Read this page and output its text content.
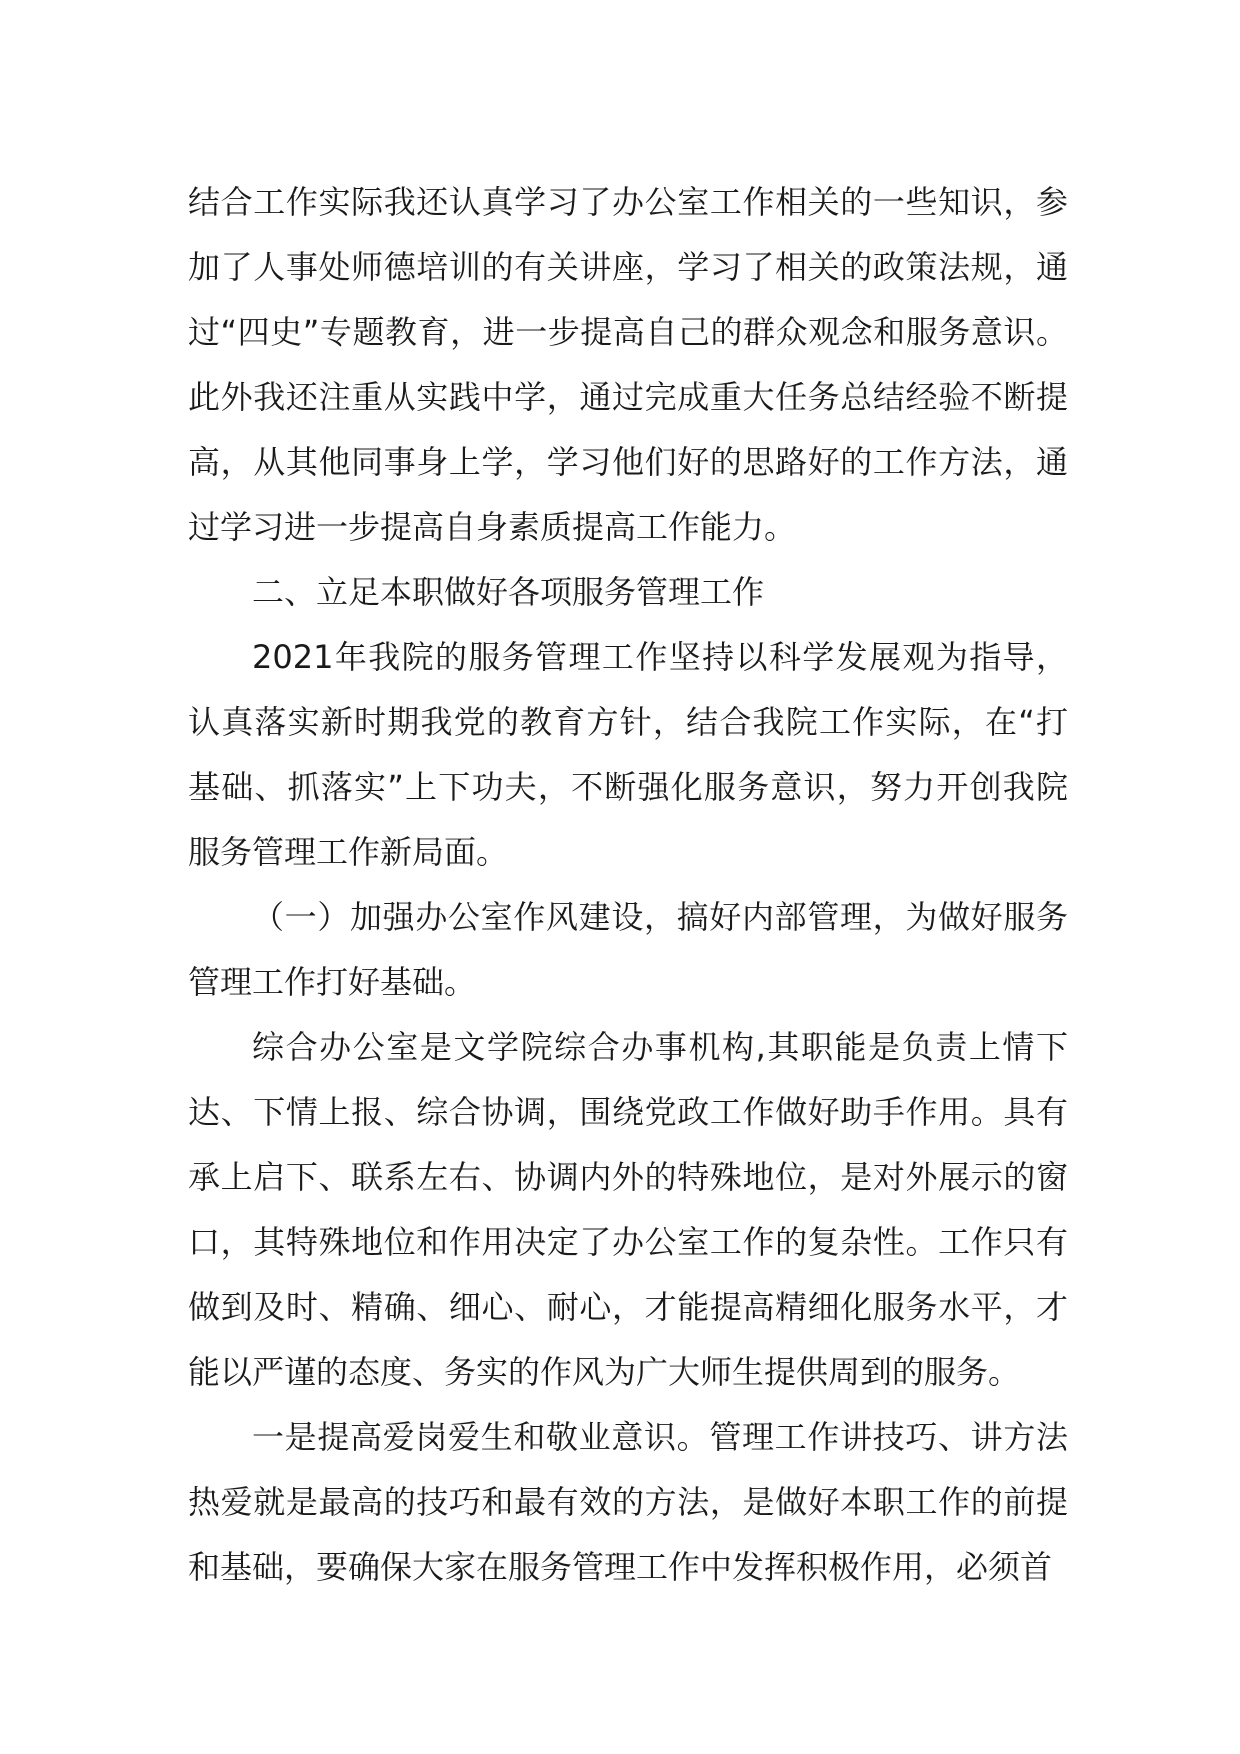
结合工作实际我还认真学习了办公室工作相关的一些知识，参加了人事处师德培训的有关讲座，学习了相关的政策法规，通过“四史”专题教育，进一步提高自己的群众观念和服务意识。此外我还注重从实践中学，通过完成重大任务总结经验不断提高，从其他同事身上学，学习他们好的思路好的工作方法，通过学习进一步提高自身素质提高工作能力。

二、立足本职做好各项服务管理工作

2021年我院的服务管理工作坚持以科学发展观为指导，认真落实新时期我党的教育方针，结合我院工作实际，在“打基础、抓落实”上下功夫，不断强化服务意识，努力开创我院服务管理工作新局面。

（一）加强办公室作风建设，搞好内部管理，为做好服务管理工作打好基础。

综合办公室是文学院综合办事机构,其职能是负责上情下达、下情上报、综合协调，围绕党政工作做好助手作用。具有承上启下、联系左右、协调内外的特殊地位，是对外展示的窗口，其特殊地位和作用决定了办公室工作的复杂性。工作只有做到及时、精确、细心、耐心，才能提高精细化服务水平，才能以严谨的态度、务实的作风为广大师生提供周到的服务。

一是提高爱岗爱生和敬业意识。管理工作讲技巧、讲方法热爱就是最高的技巧和最有效的方法，是做好本职工作的前提和基础，要确保大家在服务管理工作中发挥积极作用，必须首
